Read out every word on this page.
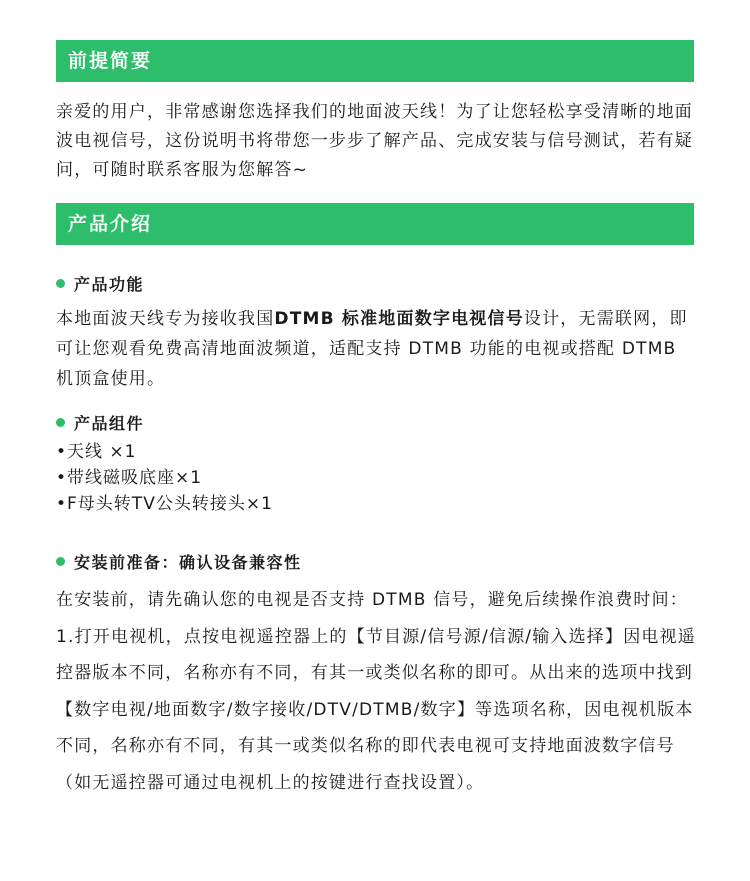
前提简要

亲爱的用户，非常感谢您选择我们的地面波天线！为了让您轻松享受清晰的地面波电视信号，这份说明书将带您一步步了解产品、完成安装与信号测试，若有疑问，可随时联系客服为您解答~

产品介绍
产品功能

本地面波天线专为接收我国DTMB 标准地面数字电视信号设计，无需联网，即可让您观看免费高清地面波频道，适配支持 DTMB 功能的电视或搭配 DTMB 机顶盒使用。

产品组件
•天线 ×1
•带线磁吸底座×1
•F母头转TV公头转接头×1
安装前准备：确认设备兼容性
在安装前，请先确认您的电视是否支持 DTMB 信号，避免后续操作浪费时间：
1.打开电视机，点按电视遥控器上的【节目源/信号源/信源/输入选择】因电视遥控器版本不同，名称亦有不同，有其一或类似名称的即可。从出来的选项中找到【数字电视/地面数字/数字接收/DTV/DTMB/数字】等选项名称，因电视机版本不同，名称亦有不同，有其一或类似名称的即代表电视可支持地面波数字信号（如无遥控器可通过电视机上的按键进行查找设置）。
